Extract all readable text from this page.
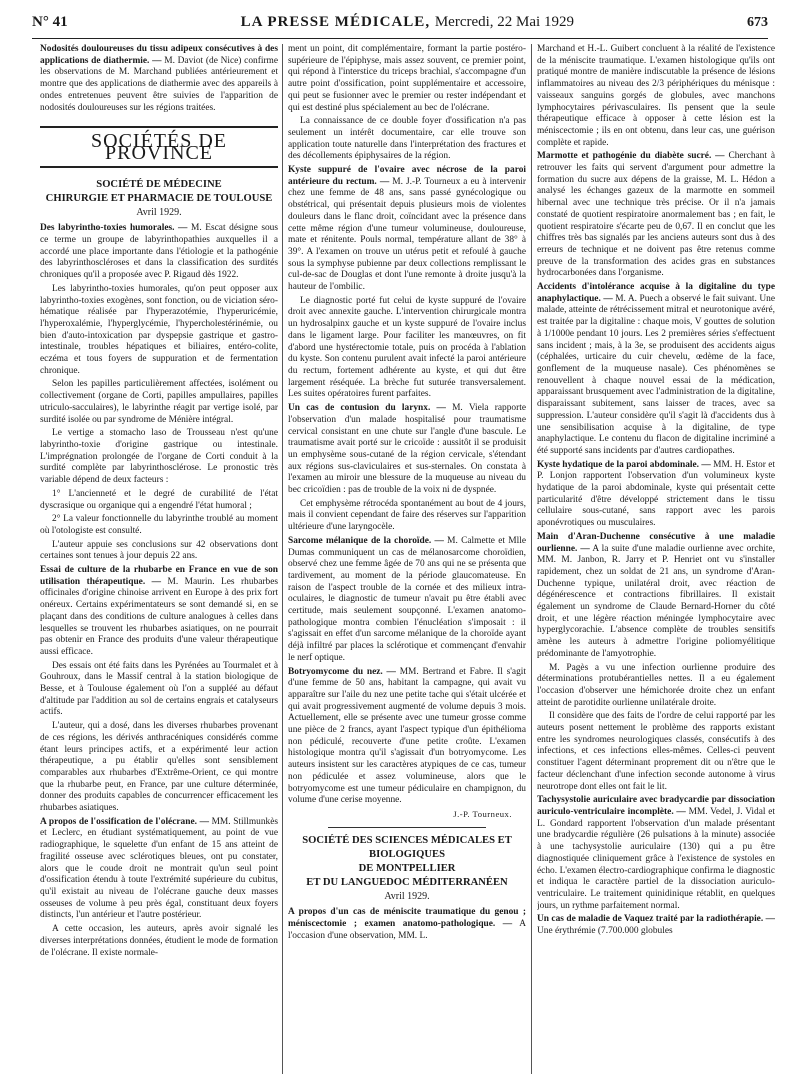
N° 41	LA PRESSE MÉDICALE, Mercredi, 22 Mai 1929	673

Nodosités douloureuses du tissu adipeux consécutives à des applications de diathermie. — M. Daviot (de Nice) confirme les observations de M. Marchand publiées antérieurement et montre que des applications de diathermie avec des appareils à ondes entretenues peuvent être suivies de l'apparition de nodosités douloureuses sur les régions traitées.

SOCIÉTÉS DE PROVINCE
SOCIÉTÉ DE MÉDECINE
CHIRURGIE ET PHARMACIE DE TOULOUSE
Avril 1929.

Des labyrintho-toxies humorales. — M. Escat désigne sous ce terme un groupe de labyrinthopathies auxquelles il a accordé une place importante dans l'étiologie et la pathogénie des labyrinthoscléroses et dans la classification des surdités chroniques qu'il a proposée avec P. Rigaud dès 1922.

Les labyrintho-toxies humorales, qu'on peut opposer aux labyrintho-toxies exogènes, sont fonction, ou de viciation séro-hématique réalisée par l'hyperazotémie, l'hyperuricémie, l'hyperoxalémie, l'hyperglycémie, l'hypercholestérinémie, ou bien d'auto-intoxication par dyspepsie gastrique et gastro-intestinale, troubles hépatiques et biliaires, entéro-colite, eczéma et tous foyers de suppuration et de fermentation chronique.

Selon les papilles particulièrement affectées, isolément ou collectivement (organe de Corti, papilles ampullaires, papilles utriculo-sacculaires), le labyrinthe réagit par vertige isolé, par surdité isolée ou par syndrome de Ménière intégral.

Le vertige a stomacho laso de Trousseau n'est qu'une labyrintho-toxie d'origine gastrique ou intestinale. L'imprégnation prolongée de l'organe de Corti conduit à la surdité complète par labyrinthosclérose. Le pronostic très variable dépend de deux facteurs :

1° L'ancienneté et le degré de curabilité de l'état dyscrasique ou organique qui a engendré l'état humoral ;

2° La valeur fonctionnelle du labyrinthe troublé au moment où l'otologiste est consulté.

L'auteur appuie ses conclusions sur 42 observations dont certaines sont tenues à jour depuis 22 ans.

Essai de culture de la rhubarbe en France en vue de son utilisation thérapeutique. — M. Maurin. Les rhubarbes officinales d'origine chinoise arrivent en Europe à des prix fort onéreux. Certains expérimentateurs se sont demandé si, en se plaçant dans des conditions de culture analogues à celles dans lesquelles se trouvent les rhubarbes asiatiques, on ne pourrait pas obtenir en France des produits d'une valeur thérapeutique aussi efficace.

Des essais ont été faits dans les Pyrénées au Tourmalet et à Gouhroux, dans le Massif central à la station biologique de Besse, et à Toulouse également où l'on a suppléé au défaut d'altitude par l'addition au sol de certains engrais et catalyseurs actifs.

L'auteur, qui a dosé, dans les diverses rhubarbes provenant de ces régions, les dérivés anthracéniques considérés comme étant leurs principes actifs, et a expérimenté leur action thérapeutique, a pu établir qu'elles sont sensiblement comparables aux rhubarbes d'Extrême-Orient, ce qui montre que la rhubarbe peut, en France, par une culture déterminée, donner des produits capables de concurrencer efficacement les rhubarbes asiatiques.

A propos de l'ossification de l'olécrane. — MM. Stillmunkès et Leclerc, en étudiant systématiquement, au point de vue radiographique, le squelette d'un enfant de 15 ans atteint de fragilité osseuse avec sclérotiques bleues, ont pu constater, alors que le coude droit ne montrait qu'un seul point d'ossification étendu à toute l'extrémité supérieure du cubitus, qu'il existait au niveau de l'olécrane gauche deux masses osseuses de volume à peu près égal, constituant deux foyers distincts, l'un antérieur et l'autre postérieur.

A cette occasion, les auteurs, après avoir signalé les diverses interprétations données, étudient le mode de formation de l'olécrane. Il existe normale-

ment un point, dit complémentaire, formant la partie postéro-supérieure de l'épiphyse, mais assez souvent, ce premier point, qui répond à l'interstice du triceps brachial, s'accompagne d'un autre point d'ossification, point supplémentaire et accessoire, qui peut se fusionner avec le premier ou rester indépendant et qui est destiné plus spécialement au bec de l'olécrane.

La connaissance de ce double foyer d'ossification n'a pas seulement un intérêt documentaire, car elle trouve son application toute naturelle dans l'interprétation des fractures et des décollements épiphysaires de la région.

Kyste suppuré de l'ovaire avec nécrose de la paroi antérieure du rectum. — M. J.-P. Tourneux a eu à intervenir chez une femme de 48 ans, sans passé gynécologique ou obstétrical, qui présentait depuis plusieurs mois de violentes douleurs dans le flanc droit, coïncidant avec la présence dans cette même région d'une tumeur volumineuse, douloureuse, mate et rénitente. Pouls normal, température allant de 38° à 39°. A l'examen on trouve un utérus petit et refoulé à gauche sous la symphyse pubienne par deux collections remplissant le cul-de-sac de Douglas et dont l'une remonte à droite jusqu'à la hauteur de l'ombilic.

Le diagnostic porté fut celui de kyste suppuré de l'ovaire droit avec annexite gauche. L'intervention chirurgicale montra un hydrosalpinx gauche et un kyste suppuré de l'ovaire inclus dans le ligament large. Pour faciliter les manœuvres, on fit d'abord une hystérectomie totale, puis on procéda à l'ablation du kyste. Son contenu purulent avait infecté la paroi antérieure du rectum, fortement adhérente au kyste, et qui dut être largement réséquée. La brèche fut suturée transversalement. Les suites opératoires furent parfaites.

Un cas de contusion du larynx. — M. Viela rapporte l'observation d'un malade hospitalisé pour traumatisme cervical consistant en une chute sur l'angle d'une bascule. Le traumatisme avait porté sur le cricoïde : aussitôt il se produisit un emphysème sous-cutané de la région cervicale, s'étendant aux régions sus-claviculaires et sus-sternales. On constata à l'examen au miroir une blessure de la muqueuse au niveau du bec cricoïdien : pas de trouble de la voix ni de dyspnée.

Cet emphysème rétrocéda spontanément au bout de 4 jours, mais il convient cependant de faire des réserves sur l'apparition ultérieure d'une laryngocèle.

Sarcome mélanique de la choroïde. — M. Calmette et Mlle Dumas communiquent un cas de mélanosarcome choroïdien, observé chez une femme âgée de 70 ans qui ne se présenta que tardivement, au moment de la période glaucomateuse. En raison de l'aspect trouble de la cornée et des milieux intra-oculaires, le diagnostic de tumeur n'avait pu être établi avec certitude, mais seulement soupçonné. L'examen anatomo-pathologique montra combien l'énucléation s'imposait : il s'agissait en effet d'un sarcome mélanique de la choroïde ayant déjà infiltré par places la sclérotique et commençant d'envahir le nerf optique.

Botryomycome du nez. — MM. Bertrand et Fabre. Il s'agit d'une femme de 50 ans, habitant la campagne, qui avait vu apparaître sur l'aile du nez une petite tache qui s'était ulcérée et qui avait progressivement augmenté de volume depuis 3 mois. Actuellement, elle se présente avec une tumeur grosse comme une pièce de 2 francs, ayant l'aspect typique d'un épithélioma non pédiculé, recouverte d'une petite croûte. L'examen histologique montra qu'il s'agissait d'un botryomycome. Les auteurs insistent sur les caractères atypiques de ce cas, tumeur non pédiculée et assez volumineuse, alors que le botryomycome est une tumeur pédiculaire en champignon, du volume d'une cerise moyenne.

J.-P. Tourneux.
SOCIÉTÉ DES SCIENCES MÉDICALES ET BIOLOGIQUES
DE MONTPELLIER
ET DU LANGUEDOC MÉDITERRANÉEN
Avril 1929.

A propos d'un cas de méniscite traumatique du genou ; méniscectomie ; examen anatomo-pathologique. — A l'occasion d'une observation, MM. L.

Marchand et H.-L. Guibert concluent à la réalité de l'existence de la méniscite traumatique. L'examen histologique qu'ils ont pratiqué montre de manière indiscutable la présence de lésions inflammatoires au niveau des 2/3 périphériques du ménisque : vaisseaux sanguins gorgés de globules, avec manchons lymphocytaires périvasculaires. Ils pensent que la seule thérapeutique efficace à opposer à cette lésion est la méniscectomie ; ils en ont obtenu, dans leur cas, une guérison complète et rapide.

Marmotte et pathogénie du diabète sucré. — Cherchant à retrouver les faits qui servent d'argument pour admettre la formation du sucre aux dépens de la graisse, M. L. Hédon a analysé les échanges gazeux de la marmotte en sommeil hibernal avec une technique très précise. Or il n'a jamais constaté de quotient respiratoire anormalement bas ; en fait, le quotient respiratoire s'écarte peu de 0,67. Il en conclut que les chiffres très bas signalés par les anciens auteurs sont dus à des erreurs de technique et ne doivent pas être retenus comme preuve de la transformation des acides gras en substances hydrocarbonées dans l'organisme.

Accidents d'intolérance acquise à la digitaline du type anaphylactique. — M. A. Puech a observé le fait suivant. Une malade, atteinte de rétrécissement mitral et neurotonique avéré, est traitée par la digitaline : chaque mois, V gouttes de solution à 1/1000e pendant 10 jours. Les 2 premières séries s'effectuent sans incident ; mais, à la 3e, se produisent des accidents aigus (céphalées, urticaire du cuir chevelu, œdème de la face, gonflement de la muqueuse nasale). Ces phénomènes se renouvellent à chaque nouvel essai de la médication, apparaissant brusquement avec l'administration de la digitaline, disparaissant subitement, sans laisser de traces, avec sa suppression. L'auteur considère qu'il s'agit là d'accidents dus à une sensibilisation acquise à la digitaline, de type anaphylactique. Le contenu du flacon de digitaline incriminé a été supporté sans incidents par d'autres cardiopathes.

Kyste hydatique de la paroi abdominale. — MM. H. Estor et P. Lonjon rapportent l'observation d'un volumineux kyste hydatique de la paroi abdominale, kyste qui présentait cette particularité d'être développé strictement dans le tissu cellulaire sous-cutané, sans rapport avec les parois aponévrotiques ou musculaires.

Main d'Aran-Duchenne consécutive à une maladie ourlienne. — A la suite d'une maladie ourlienne avec orchite, MM. M. Janbon, R. Jarry et P. Henriet ont vu s'installer rapidement, chez un soldat de 21 ans, un syndrome d'Aran-Duchenne typique, unilatéral droit, avec réaction de dégénérescence et contractions fibrillaires. Il existait également un syndrome de Claude Bernard-Horner du côté droit, et une légère réaction méningée lymphocytaire avec hyperglycorachie. L'absence complète de troubles sensitifs amène les auteurs à admettre l'origine poliomyélitique prédominante de l'amyotrophie.

M. Pagès a vu une infection ourlienne produire des déterminations protubérantielles nettes. Il a eu également l'occasion d'observer une hémichorée droite chez un enfant atteint de parotidite ourlienne unilatérale droite.

Il considère que des faits de l'ordre de celui rapporté par les auteurs posent nettement le problème des rapports existant entre les syndromes neurologiques classés, consécutifs à des infections, et ces infections elles-mêmes. Celles-ci peuvent constituer l'agent déterminant proprement dit ou n'être que le facteur déclenchant d'une infection seconde autonome à virus neurotrope dont elles ont fait le lit.

Tachysystolie auriculaire avec bradycardie par dissociation auriculo-ventriculaire incomplète. — MM. Vedel, J. Vidal et L. Gondard rapportent l'observation d'un malade présentant une bradycardie régulière (26 pulsations à la minute) associée à une tachysystolie auriculaire (130) qui a pu être diagnostiquée cliniquement grâce à l'existence de systoles en écho. L'examen électro-cardiographique confirma le diagnostic et indiqua le caractère partiel de la dissociation auriculo-ventriculaire. Le traitement quinidinique rétablit, en quelques jours, un rythme parfaitement normal.

Un cas de maladie de Vaquez traité par la radiothérapie. — Une érythrémie (7.700.000 globules
